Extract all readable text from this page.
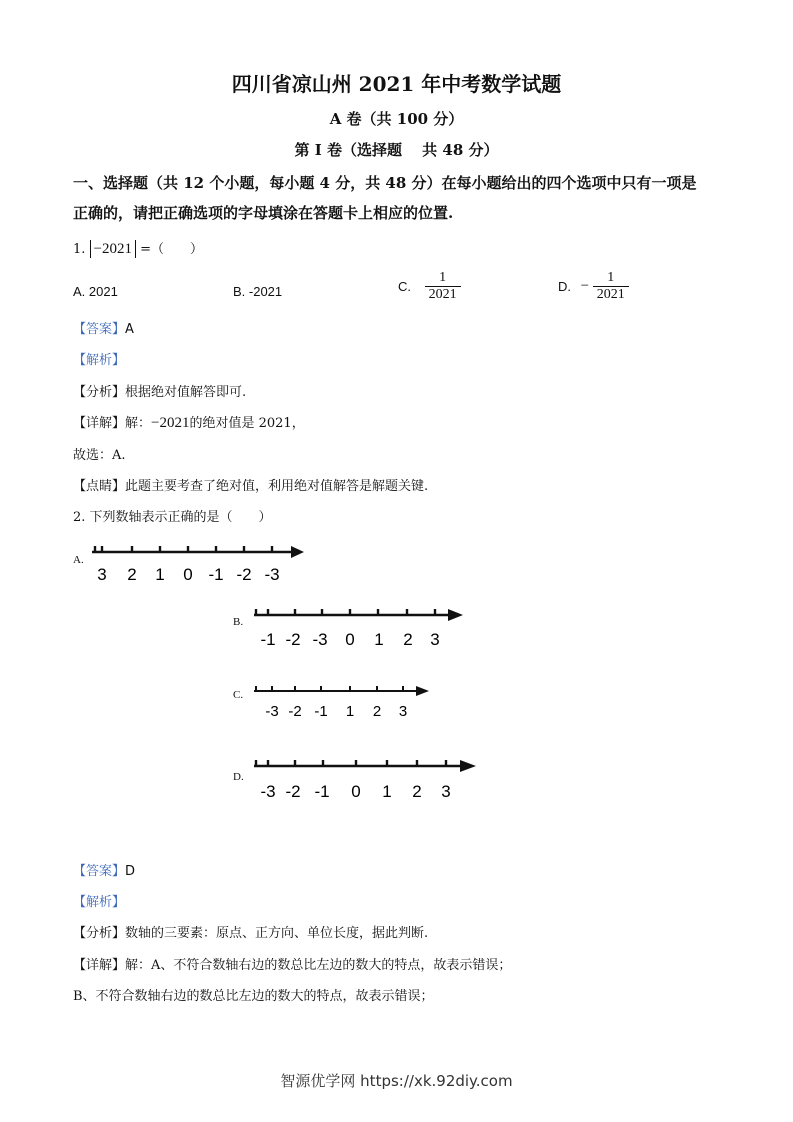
四川省凉山州 2021 年中考数学试题
A 卷（共 100 分）
第 I 卷（选择题　 共 48 分）
一、选择题（共 12 个小题，每小题 4 分，共 48 分）在每小题给出的四个选项中只有一项是
正确的，请把正确选项的字母填涂在答题卡上相应的位置.
1. −2021 =（　　）
A. 2021	B. -2021	C. $\frac{1}{2021}$	D. − $\frac{1}{2021}$
【答案】A
【解析】
【分析】根据绝对值解答即可.
【详解】解：−2021的绝对值是 2021，
故选：A.
【点睛】此题主要考查了绝对值，利用绝对值解答是解题关键.
2. 下列数轴表示正确的是（　　）
A.
3 2 1 0 -1 -2 -3
B.
-1 -2 -3 0 1 2 3
C.
-3 -2 -1 1 2 3
D.
-3 -2 -1 0 1 2 3
【答案】D
【解析】
【分析】数轴的三要素：原点、正方向、单位长度，据此判断.
【详解】解：A、不符合数轴右边的数总比左边的数大的特点，故表示错误；
B、不符合数轴右边的数总比左边的数大的特点，故表示错误；
智源优学网 https://xk.92diy.com
